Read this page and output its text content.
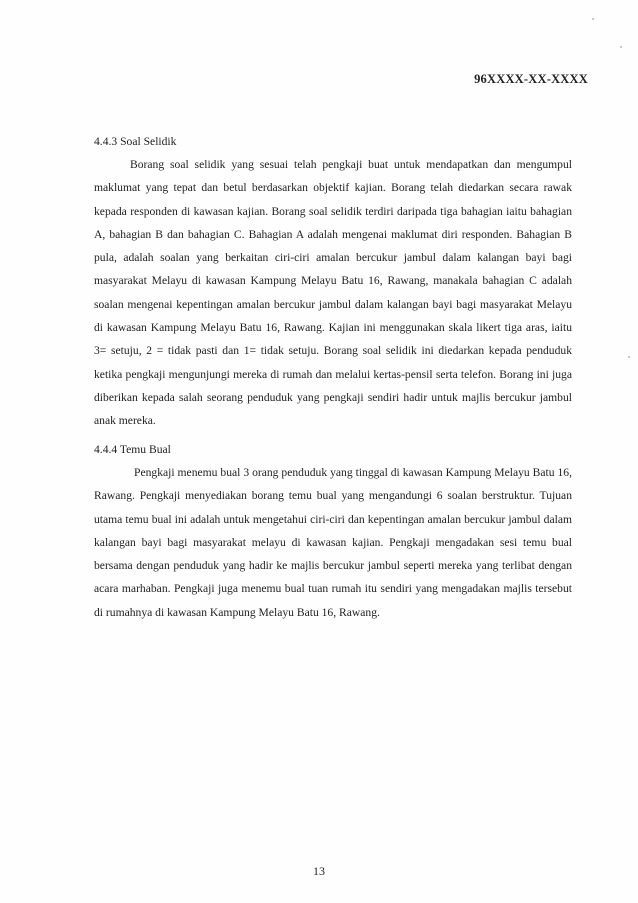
96XXXX-XX-XXXX

4.4.3 Soal Selidik

Borang soal selidik yang sesuai telah pengkaji buat untuk mendapatkan dan mengumpul maklumat yang tepat dan betul berdasarkan objektif kajian. Borang telah diedarkan secara rawak kepada responden di kawasan kajian. Borang soal selidik terdiri daripada tiga bahagian iaitu bahagian A, bahagian B dan bahagian C. Bahagian A adalah mengenai maklumat diri responden. Bahagian B pula, adalah soalan yang berkaitan ciri-ciri amalan bercukur jambul dalam kalangan bayi bagi masyarakat Melayu di kawasan Kampung Melayu Batu 16, Rawang, manakala bahagian C adalah soalan mengenai kepentingan amalan bercukur jambul dalam kalangan bayi bagi masyarakat Melayu di kawasan Kampung Melayu Batu 16, Rawang. Kajian ini menggunakan skala likert tiga aras, iaitu 3= setuju, 2 = tidak pasti dan 1= tidak setuju. Borang soal selidik ini diedarkan kepada penduduk ketika pengkaji mengunjungi mereka di rumah dan melalui kertas-pensil serta telefon. Borang ini juga diberikan kepada salah seorang penduduk yang pengkaji sendiri hadir untuk majlis bercukur jambul anak mereka.

4.4.4 Temu Bual

Pengkaji menemu bual 3 orang penduduk yang tinggal di kawasan Kampung Melayu Batu 16, Rawang. Pengkaji menyediakan borang temu bual yang mengandungi 6 soalan berstruktur. Tujuan utama temu bual ini adalah untuk mengetahui ciri-ciri dan kepentingan amalan bercukur jambul dalam kalangan bayi bagi masyarakat melayu di kawasan kajian. Pengkaji mengadakan sesi temu bual bersama dengan penduduk yang hadir ke majlis bercukur jambul seperti mereka yang terlibat dengan acara marhaban. Pengkaji juga menemu bual tuan rumah itu sendiri yang mengadakan majlis tersebut di rumahnya di kawasan Kampung Melayu Batu 16, Rawang.

13
